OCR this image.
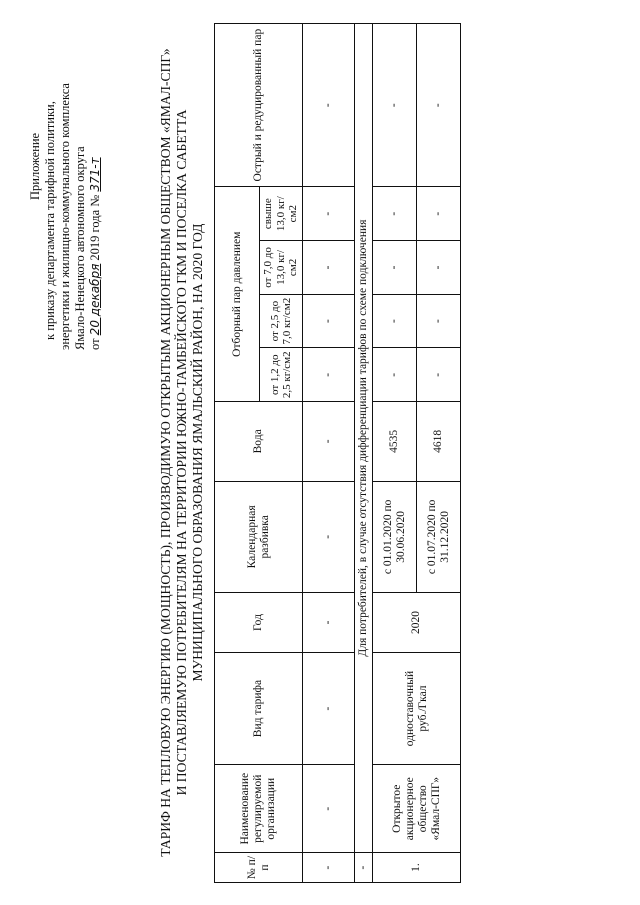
Приложение к приказу департамента тарифной политики, энергетики и жилищно-коммунального комплекса Ямало-Ненецкого автономного округа от 20 декабря 2019 года № 371-т	ТАРИФ НА ТЕПЛОВУЮ ЭНЕРГИЮ (МОЩНОСТЬ), ПРОИЗВОДИМУЮ ОТКРЫТЫМ АКЦИОНЕРНЫМ ОБЩЕСТВОМ «ЯМАЛ-СПГ» И ПОСТАВЛЯЕМУЮ ПОТРЕБИТЕЛЯМ НА ТЕРРИТОРИИ ЮЖНО-ТАМБЕЙСКОГО ГКМ И ПОСЕЛКА САБЕТТА МУНИЦИПАЛЬНОГО ОБРАЗОВАНИЯ ЯМАЛЬСКИЙ РАЙОН, НА 2020 ГОД
№ п/п	Наименование регулируемой организации	Вид тарифа	Год	Календарная разбивка	Вода	Отборный пар давлением				Острый и редуцированный пар
						от 1,2 до 2,5 кг/см2	от 2,5 до 7,0 кг/см2	от 7,0 до 13,0 кг/см2	свыше 13,0 кг/см2	
-	-	-	-	-	-	-	-	-	-	-
-	Для потребителей, в случае отсутствия дифференциации тарифов по схеме подключения									
1.	Открытое акционерное общество «Ямал-СПГ»	одноставочный руб./Гкал	2020	с 01.01.2020 по 30.06.2020	4535	-	-	-	-	-
				с 01.07.2020 по 31.12.2020	4618	-	-	-	-	-
